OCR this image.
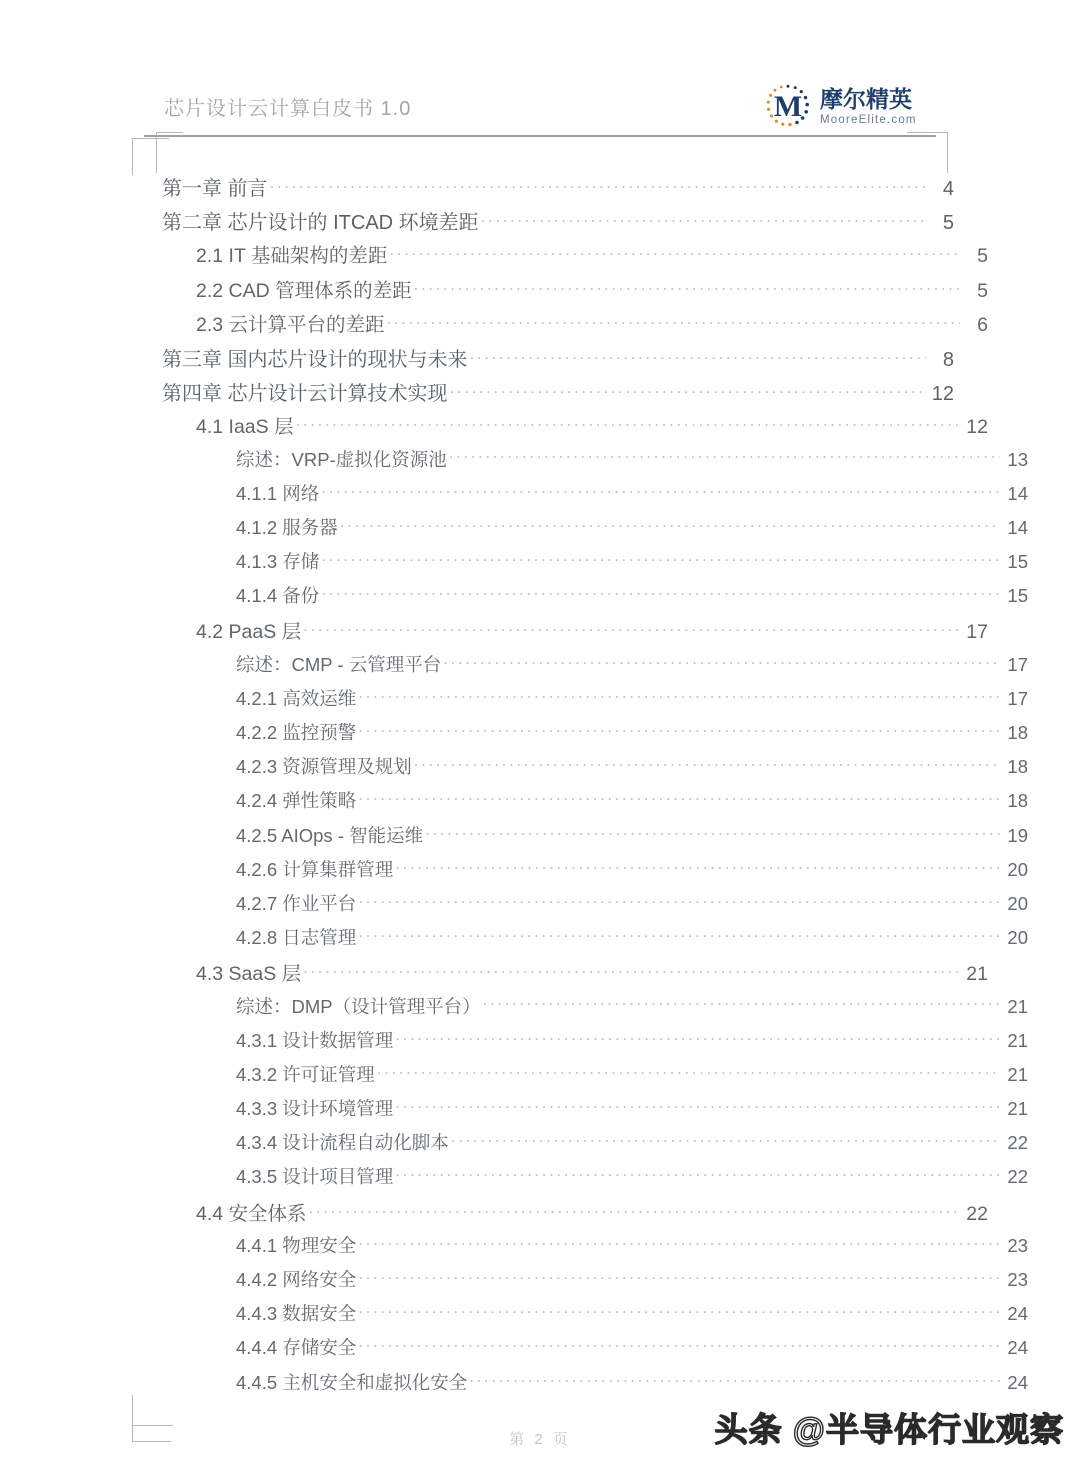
芯片设计云计算白皮书 1.0	M 摩尔精英
MooreElite.com
第一章 前言 .....	4
第二章 芯片设计的 ITCAD 环境差距 .....	5
2.1 IT 基础架构的差距 .....	5
2.2 CAD 管理体系的差距 .....	5
2.3 云计算平台的差距 .....	6
第三章 国内芯片设计的现状与未来 .....	8
第四章 芯片设计云计算技术实现 .....	12
4.1 IaaS 层 .....	12
综述：VRP-虚拟化资源池 .....	13
4.1.1 网络 .....	14
4.1.2 服务器 .....	14
4.1.3 存储 .....	15
4.1.4 备份 .....	15
4.2 PaaS 层 .....	17
综述：CMP - 云管理平台 .....	17
4.2.1 高效运维 .....	17
4.2.2 监控预警 .....	18
4.2.3 资源管理及规划 .....	18
4.2.4 弹性策略 .....	18
4.2.5 AIOps - 智能运维 .....	19
4.2.6 计算集群管理 .....	20
4.2.7 作业平台 .....	20
4.2.8 日志管理 .....	20
4.3 SaaS 层 .....	21
综述：DMP（设计管理平台） .....	21
4.3.1 设计数据管理 .....	21
4.3.2 许可证管理 .....	21
4.3.3 设计环境管理 .....	21
4.3.4 设计流程自动化脚本 .....	22
4.3.5 设计项目管理 .....	22
4.4 安全体系 .....	22
4.4.1 物理安全 .....	23
4.4.2 网络安全 .....	23
4.4.3 数据安全 .....	24
4.4.4 存储安全 .....	24
4.4.5 主机安全和虚拟化安全 .....	24
第 2 页	头条 @半导体行业观察
